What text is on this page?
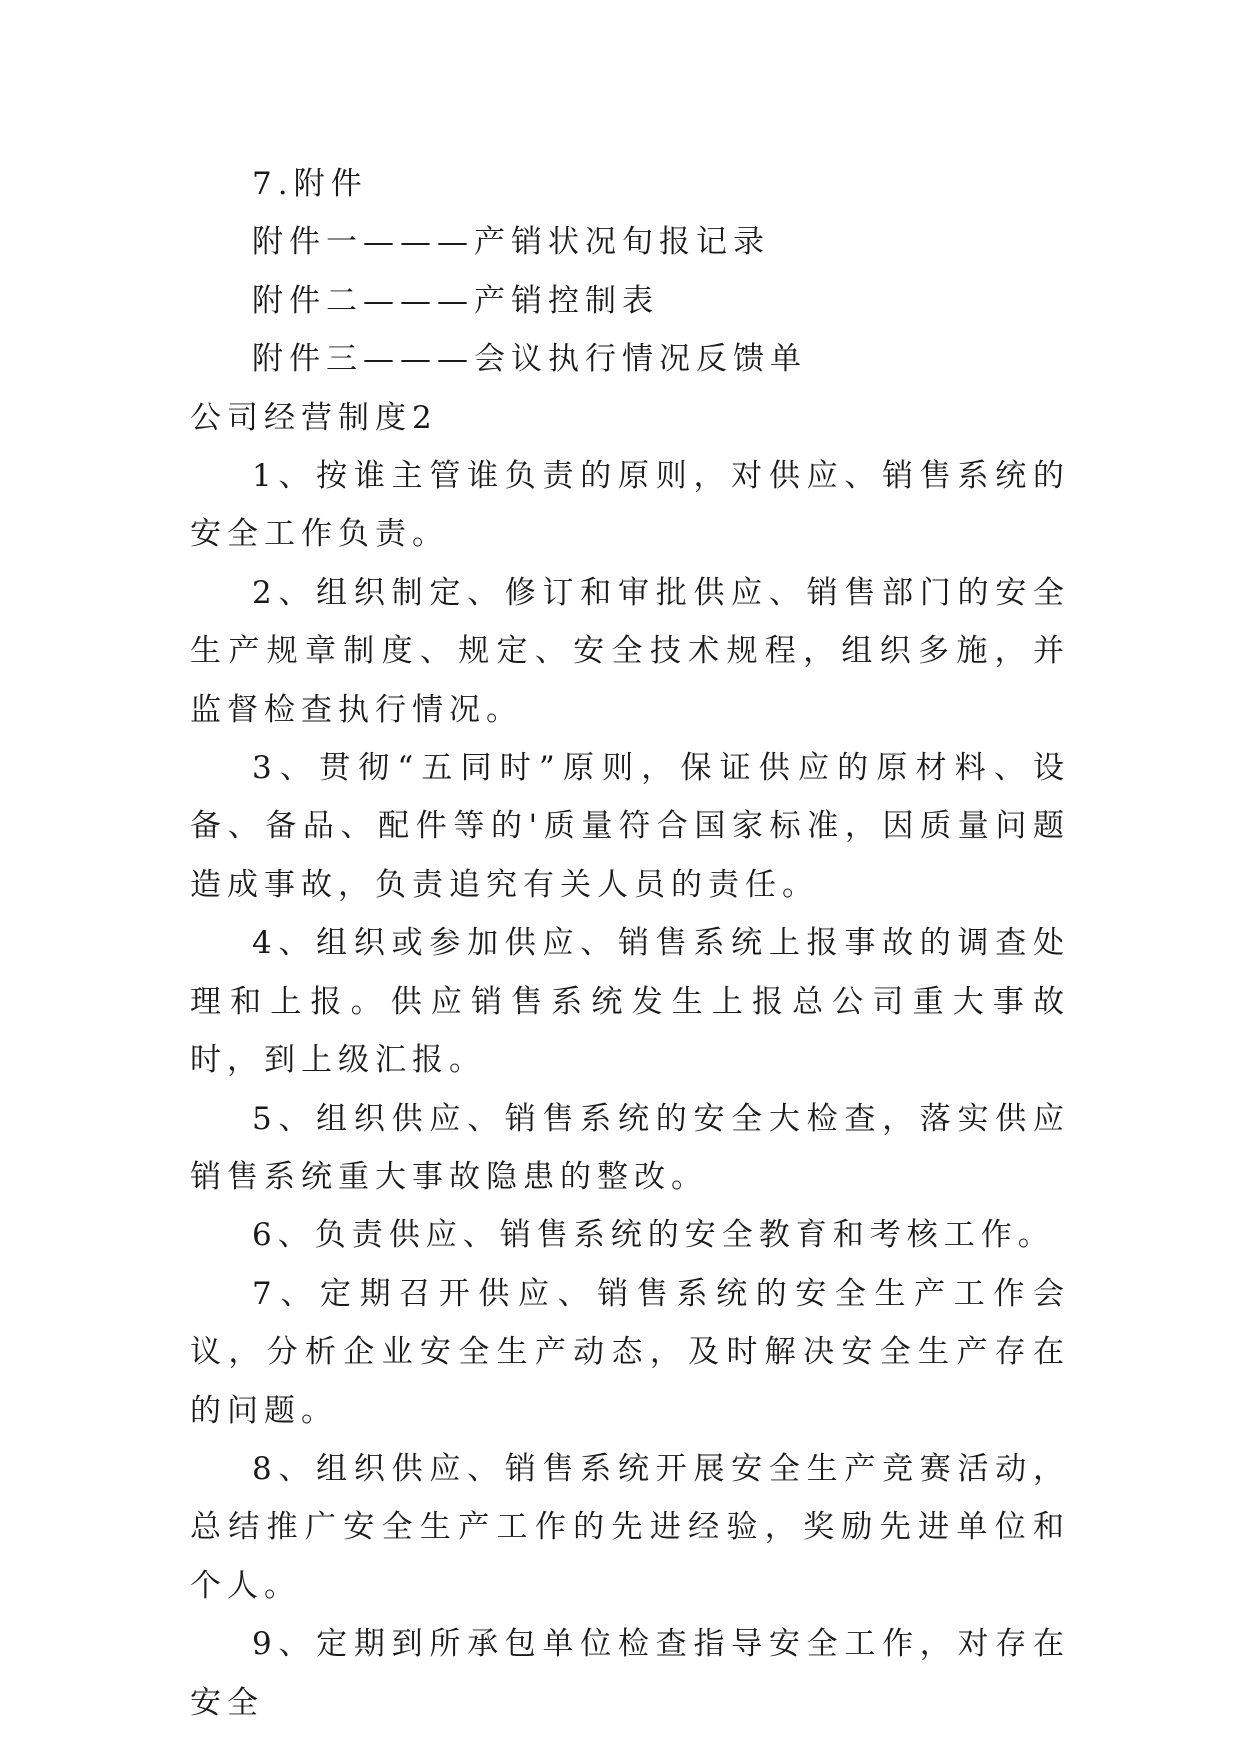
7.附件

附件一———产销状况旬报记录

附件二———产销控制表

附件三———会议执行情况反馈单

公司经营制度2

1、按谁主管谁负责的原则，对供应、销售系统的安全工作负责。

2、组织制定、修订和审批供应、销售部门的安全生产规章制度、规定、安全技术规程，组织多施，并监督检查执行情况。

3、贯彻“五同时”原则，保证供应的原材料、设备、备品、配件等的'质量符合国家标准，因质量问题造成事故，负责追究有关人员的责任。

4、组织或参加供应、销售系统上报事故的调查处理和上报。供应销售系统发生上报总公司重大事故时，到上级汇报。

5、组织供应、销售系统的安全大检查，落实供应销售系统重大事故隐患的整改。

6、负责供应、销售系统的安全教育和考核工作。

7、定期召开供应、销售系统的安全生产工作会议，分析企业安全生产动态，及时解决安全生产存在的问题。

8、组织供应、销售系统开展安全生产竞赛活动，总结推广安全生产工作的先进经验，奖励先进单位和个人。

9、定期到所承包单位检查指导安全工作，对存在安全
